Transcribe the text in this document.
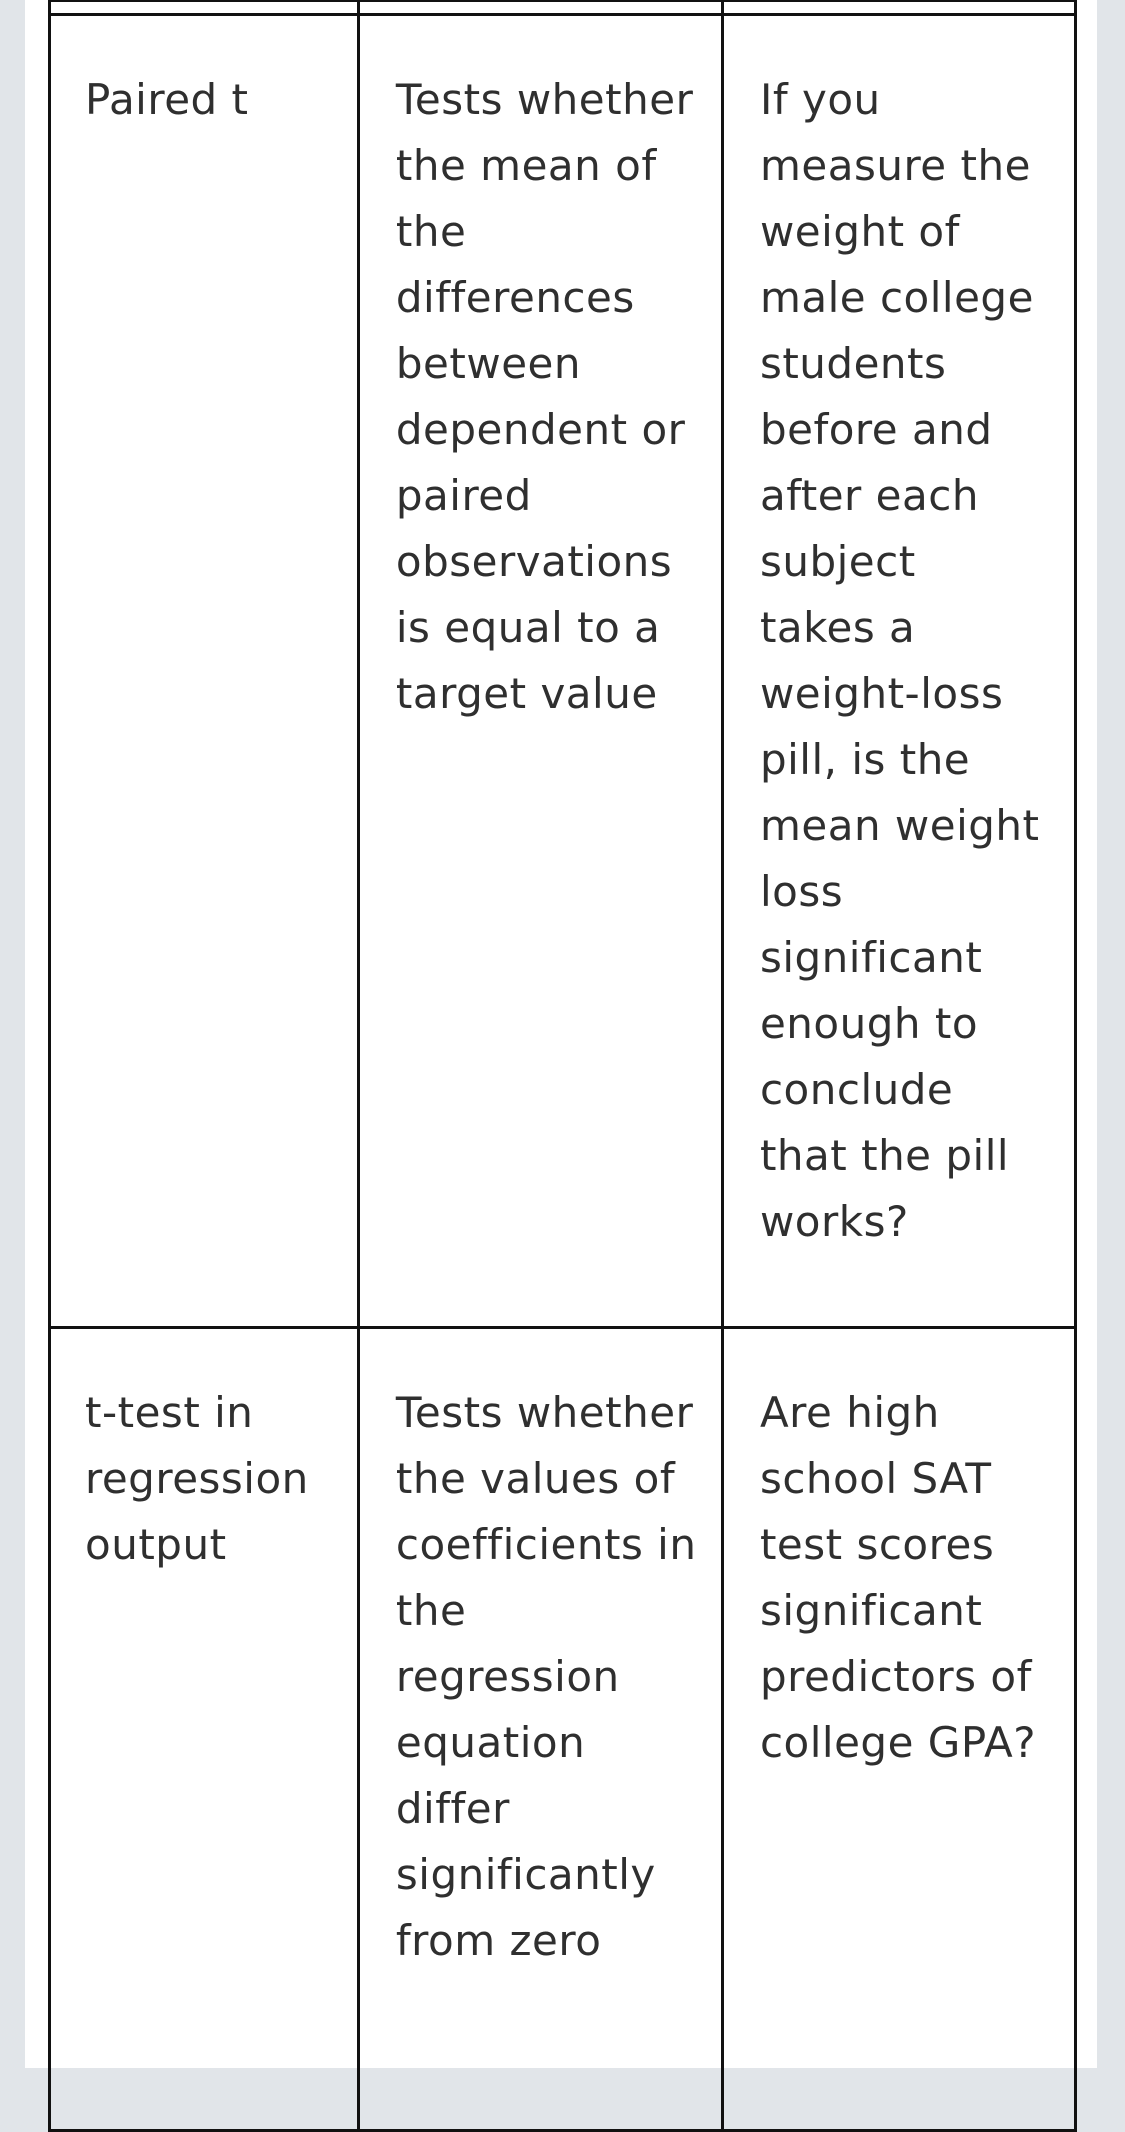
Paired t	Tests whether the mean of the differences between dependent or paired observations is equal to a target value	If you measure the weight of male college students before and after each subject takes a weight-loss pill, is the mean weight loss significant enough to conclude that the pill works?

t-test in regression output	Tests whether the values of coefficients in the regression equation differ significantly from zero	Are high school SAT test scores significant predictors of college GPA?
